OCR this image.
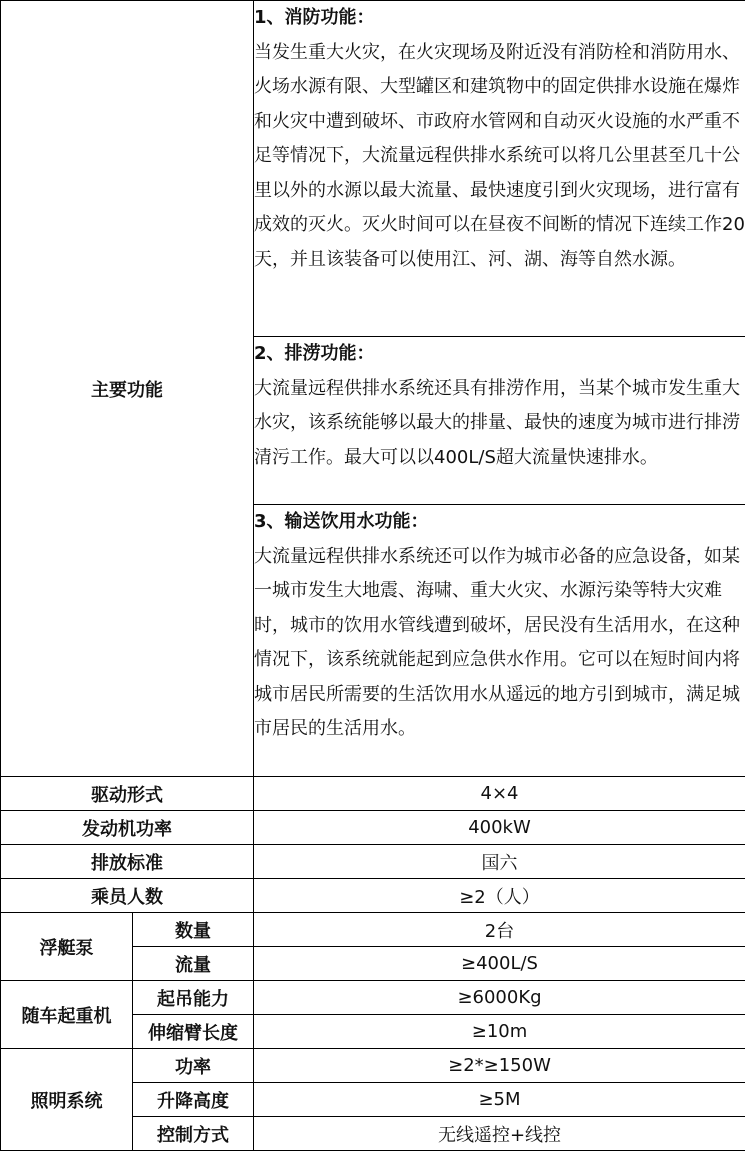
主要功能		1、消防功能：
当发生重大火灾，在火灾现场及附近没有消防栓和消防用水、火场水源有限、大型罐区和建筑物中的固定供排水设施在爆炸和火灾中遭到破坏、市政府水管网和自动灭火设施的水严重不足等情况下，大流量远程供排水系统可以将几公里甚至几十公里以外的水源以最大流量、最快速度引到火灾现场，进行富有成效的灭火。灭火时间可以在昼夜不间断的情况下连续工作20天，并且该装备可以使用江、河、湖、海等自然水源。

		2、排涝功能：
大流量远程供排水系统还具有排涝作用，当某个城市发生重大水灾，该系统能够以最大的排量、最快的速度为城市进行排涝清污工作。最大可以以400L/S超大流量快速排水。

		3、输送饮用水功能：
大流量远程供排水系统还可以作为城市必备的应急设备，如某一城市发生大地震、海啸、重大火灾、水源污染等特大灾难时，城市的饮用水管线遭到破坏，居民没有生活用水，在这种情况下，该系统就能起到应急供水作用。它可以在短时间内将城市居民所需要的生活饮用水从遥远的地方引到城市，满足城市居民的生活用水。

驱动形式		4×4
发动机功率		400kW
排放标准		国六
乘员人数		≥2（人）
浮艇泵	数量	2台
	流量	≥400L/S
随车起重机	起吊能力	≥6000Kg
	伸缩臂长度	≥10m
照明系统	功率	≥2*≥150W
	升降高度	≥5M
	控制方式	无线遥控+线控
